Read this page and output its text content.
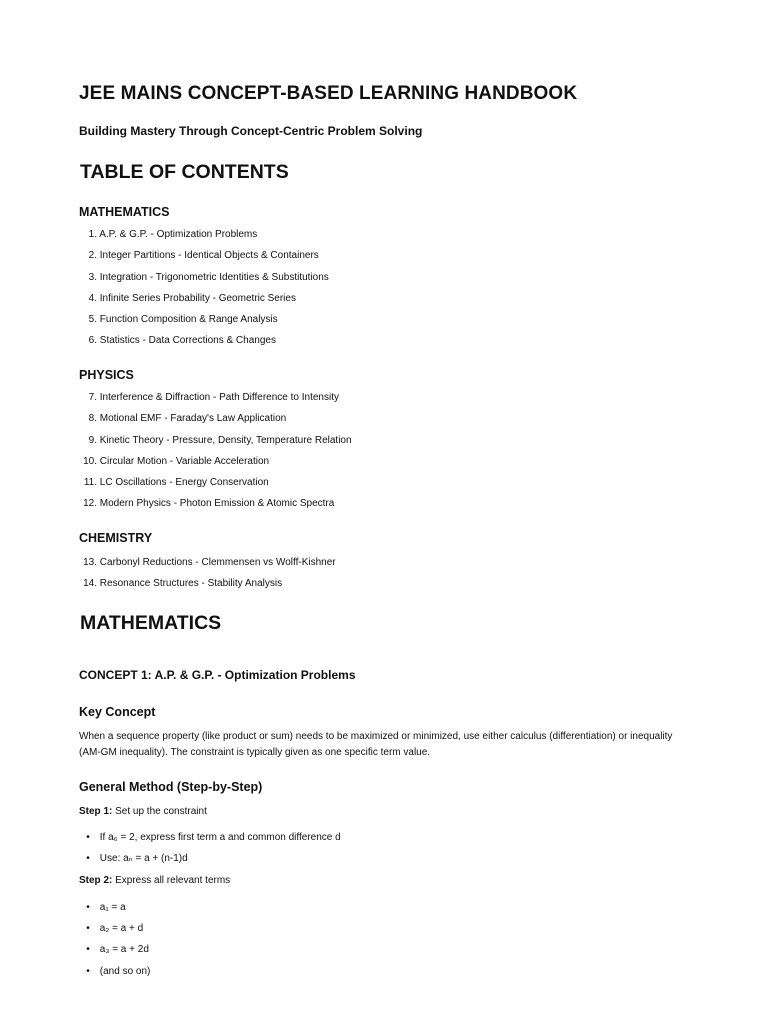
JEE MAINS CONCEPT-BASED LEARNING HANDBOOK
Building Mastery Through Concept-Centric Problem Solving
TABLE OF CONTENTS
MATHEMATICS
1. A.P. & G.P. - Optimization Problems
2. Integer Partitions - Identical Objects & Containers
3. Integration - Trigonometric Identities & Substitutions
4. Infinite Series Probability - Geometric Series
5. Function Composition & Range Analysis
6. Statistics - Data Corrections & Changes
PHYSICS
7. Interference & Diffraction - Path Difference to Intensity
8. Motional EMF - Faraday's Law Application
9. Kinetic Theory - Pressure, Density, Temperature Relation
10. Circular Motion - Variable Acceleration
11. LC Oscillations - Energy Conservation
12. Modern Physics - Photon Emission & Atomic Spectra
CHEMISTRY
13. Carbonyl Reductions - Clemmensen vs Wolff-Kishner
14. Resonance Structures - Stability Analysis
MATHEMATICS
CONCEPT 1: A.P. & G.P. - Optimization Problems
Key Concept
When a sequence property (like product or sum) needs to be maximized or minimized, use either calculus (differentiation) or inequality (AM-GM inequality). The constraint is typically given as one specific term value.
General Method (Step-by-Step)
Step 1: Set up the constraint
• If a₆ = 2, express first term a and common difference d
• Use: aₙ = a + (n-1)d
Step 2: Express all relevant terms
• a₁ = a
• a₂ = a + d
• a₃ = a + 2d
• (and so on)
